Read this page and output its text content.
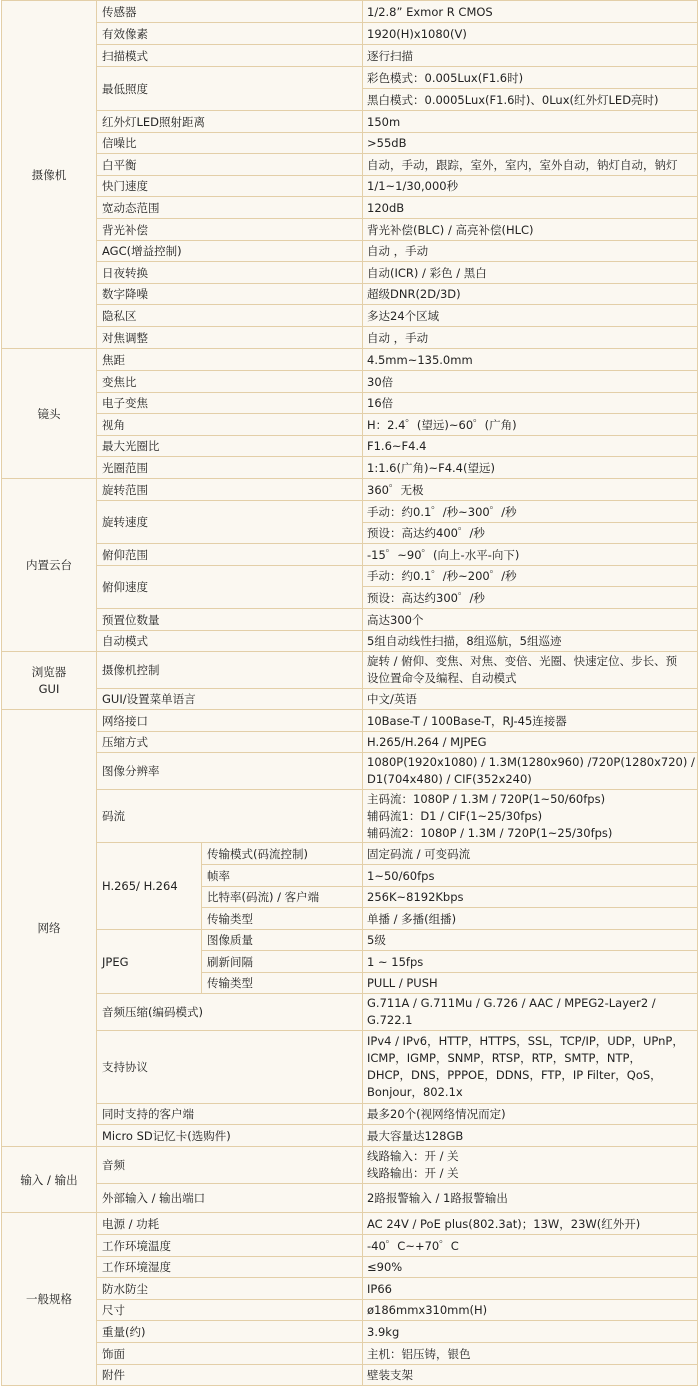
摄像机	传感器		1/2.8” Exmor R CMOS
	有效像素		1920(H)x1080(V)
	扫描模式		逐行扫描
	最低照度		彩色模式：0.005Lux(F1.6时)
			黑白模式：0.0005Lux(F1.6时)、0Lux(红外灯LED亮时)
	红外灯LED照射距离		150m
	信噪比		>55dB
	白平衡		自动，手动，跟踪，室外，室内，室外自动，钠灯自动，钠灯
	快门速度		1/1~1/30,000秒
	宽动态范围		120dB
	背光补偿		背光补偿(BLC) / 高亮补偿(HLC)
	AGC(增益控制)		自动 ，手动
	日夜转换		自动(ICR) / 彩色 / 黑白
	数字降噪		超级DNR(2D/3D)
	隐私区		多达24个区域
	对焦调整		自动 ，手动
镜头	焦距		4.5mm~135.0mm
	变焦比		30倍
	电子变焦		16倍
	视角		H：2.4゜(望远)~60゜(广角)
	最大光圈比		F1.6~F4.4
	光圈范围		1:1.6(广角)~F4.4(望远)
内置云台	旋转范围		360゜无极
	旋转速度		手动：约0.1゜/秒~300゜/秒
			预设：高达约400゜/秒
	俯仰范围		-15゜~90゜(向上-水平-向下)
	俯仰速度		手动：约0.1゜/秒~200゜/秒
			预设：高达约300゜/秒
	预置位数量		高达300个
	自动模式		5组自动线性扫描，8组巡航，5组巡迹

浏览器
GUI	摄像机控制		旋转 / 俯仰、变焦、对焦、变倍、光圈、快速定位、步长、预
设位置命令及编程、自动模式

	GUI/设置菜单语言		中文/英语
网络	网络接口		10Base-T / 100Base-T，RJ-45连接器
	压缩方式		H.265/H.264 / MJPEG
	图像分辨率		1080P(1920x1080) / 1.3M(1280x960) /720P(1280x720) /
D1(704x480) / CIF(352x240)

	码流		主码流：1080P / 1.3M / 720P(1~50/60fps)
辅码流1：D1 / CIF(1~25/30fps)
辅码流2：1080P / 1.3M / 720P(1~25/30fps)

	H.265/ H.264	传输模式(码流控制)	固定码流 / 可变码流
		帧率	1~50/60fps
		比特率(码流) / 客户端	256K~8192Kbps
		传输类型	单播 / 多播(组播)
	JPEG	图像质量	5级
		刷新间隔	1 ~ 15fps
		传输类型	PULL / PUSH
	音频压缩(编码模式)		G.711A / G.711Mu / G.726 / AAC / MPEG2-Layer2 /
G.722.1

	支持协议		IPv4 / IPv6，HTTP，HTTPS，SSL，TCP/IP，UDP，UPnP，
ICMP，IGMP，SNMP，RTSP，RTP，SMTP，NTP，
DHCP，DNS，PPPOE，DDNS，FTP，IP Filter，QoS，
Bonjour，802.1x

	同时支持的客户端		最多20个(视网络情况而定)
	Micro SD记忆卡(选购件)		最大容量达128GB
输入 / 输出	音频		线路输入：开 / 关
线路输出：开 / 关

	外部输入 / 输出端口		2路报警输入 / 1路报警输出
一般规格	电源 / 功耗		AC 24V / PoE plus(802.3at)；13W，23W(红外开)
	工作环境温度		-40゜C~+70゜C
	工作环境湿度		≤90%
	防水防尘		IP66
	尺寸		ø186mmx310mm(H)
	重量(约)		3.9kg
	饰面		主机：铝压铸，银色
	附件		壁装支架
